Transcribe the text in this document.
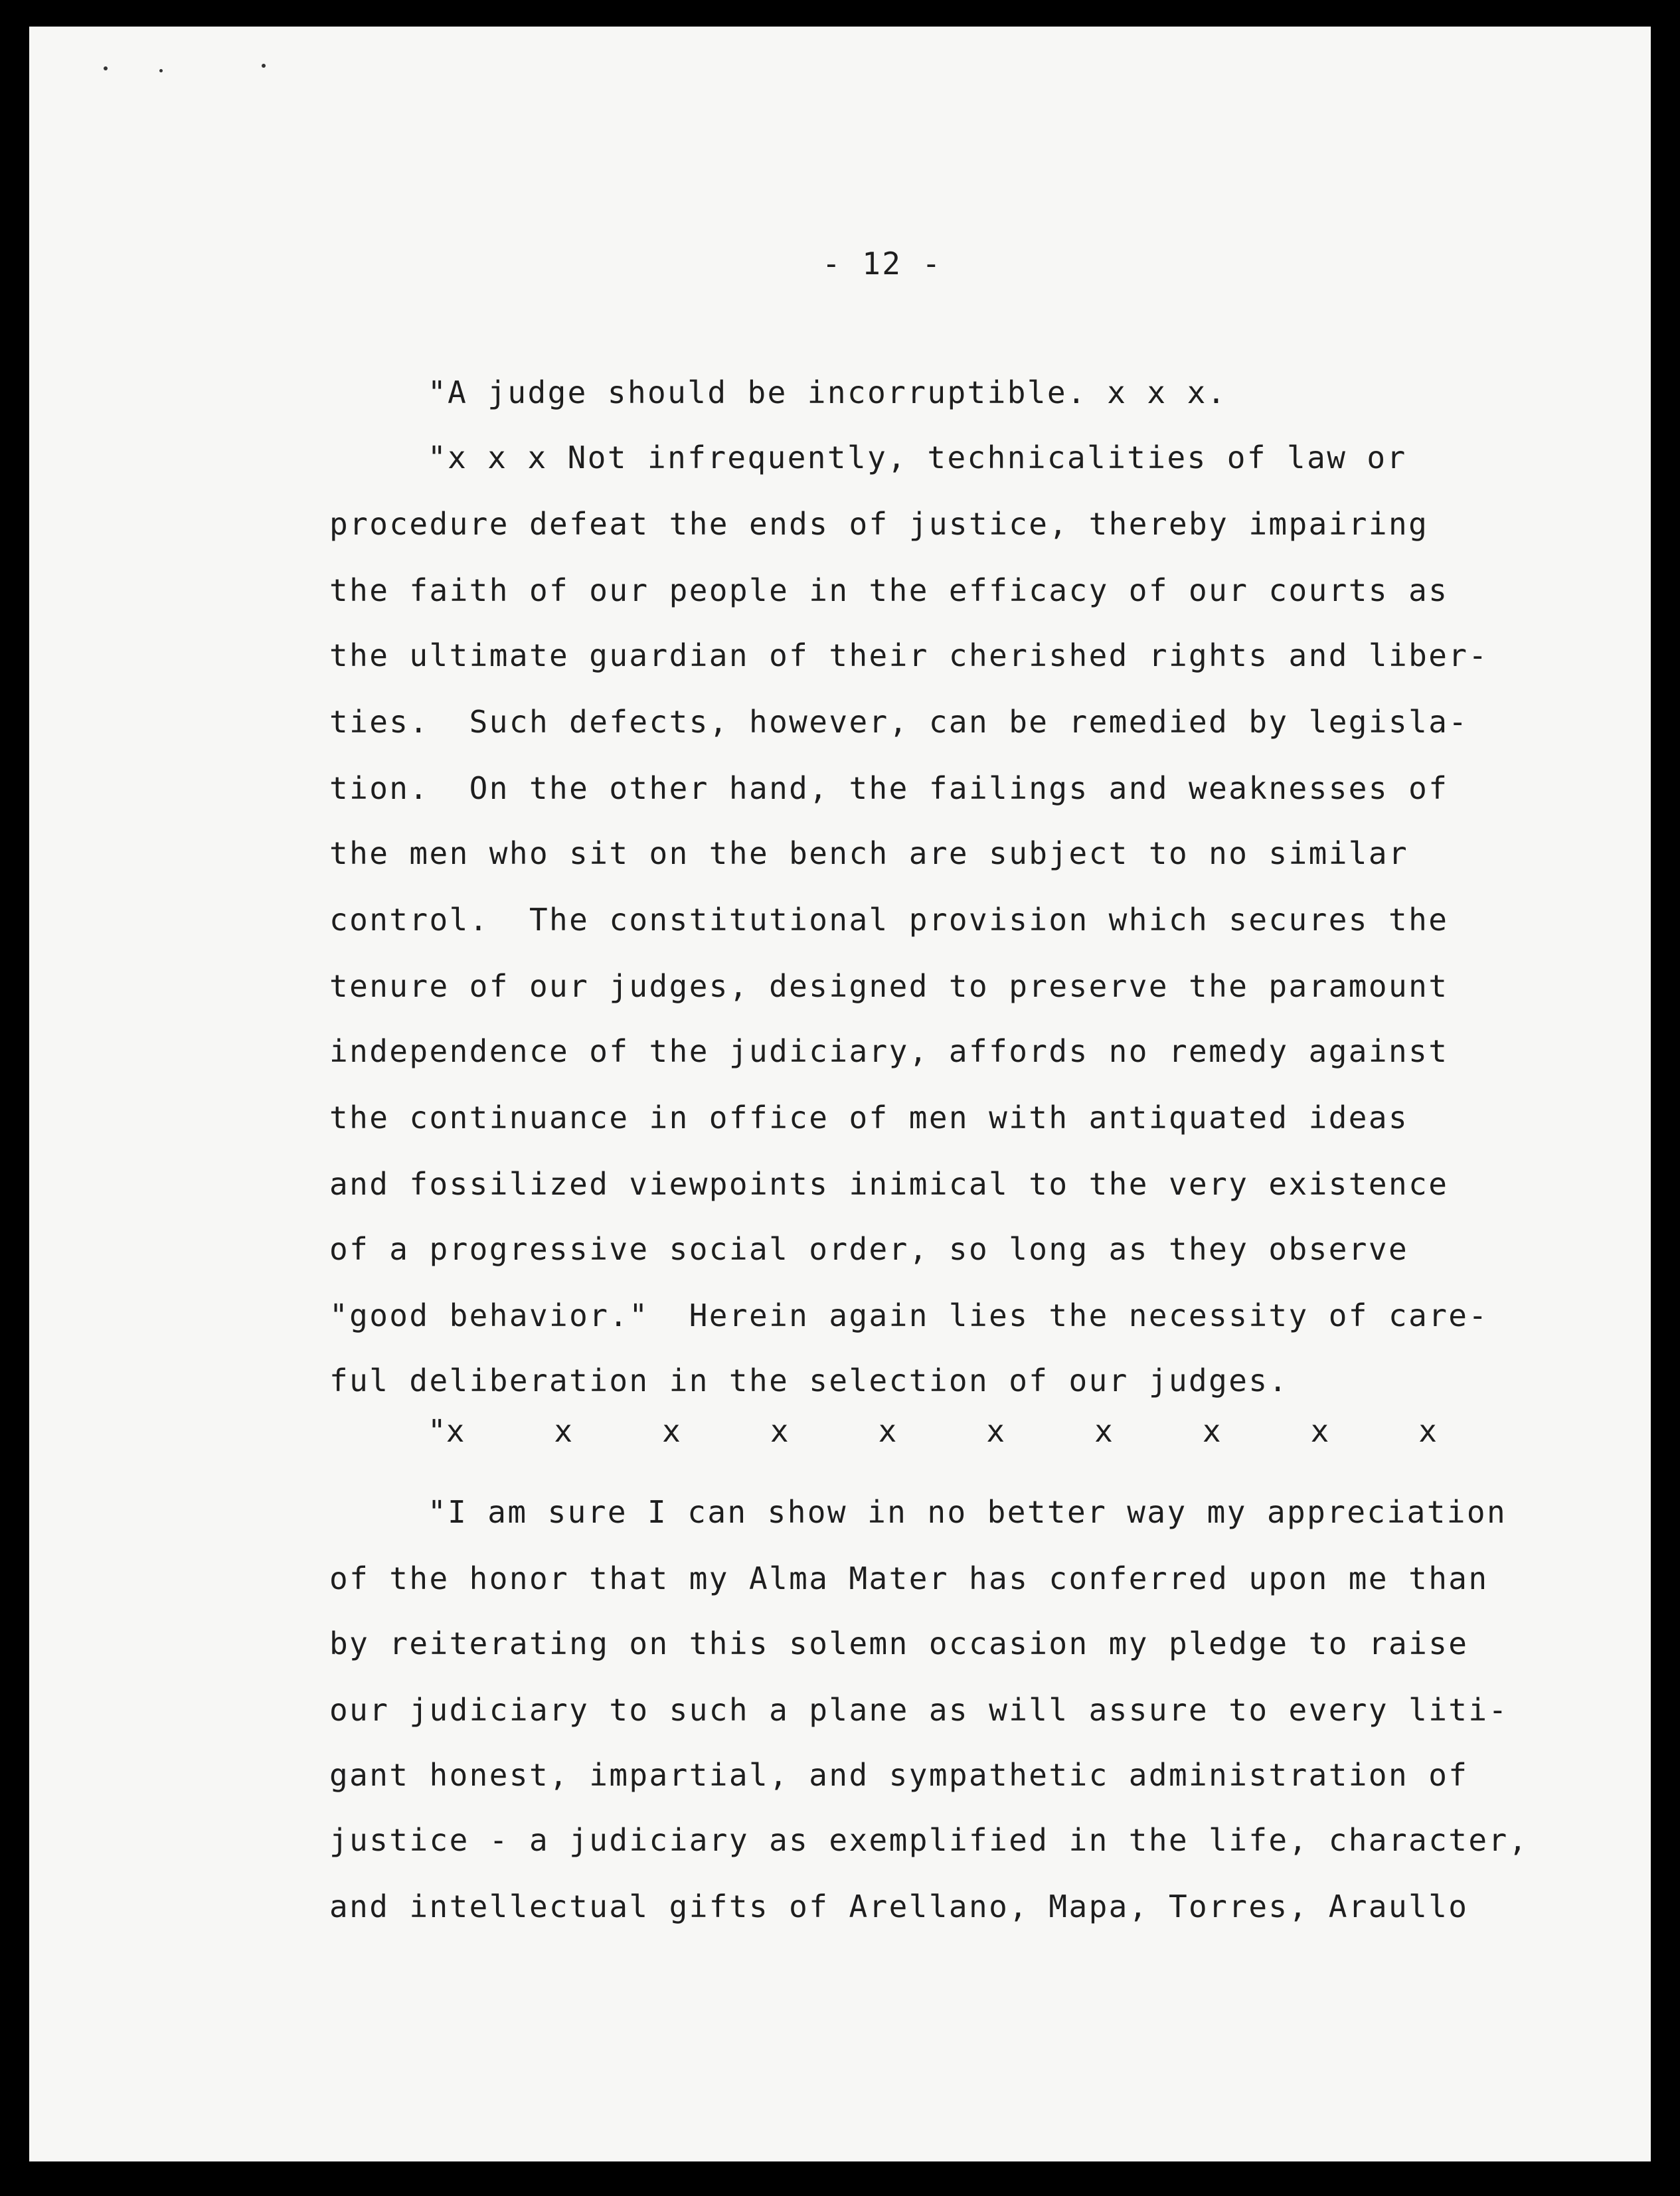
- 12 -
"A judge should be incorruptible. x x x.
"x x x Not infrequently, technicalities of law or
procedure defeat the ends of justice, thereby impairing
the faith of our people in the efficacy of our courts as
the ultimate guardian of their cherished rights and liber-
ties.  Such defects, however, can be remedied by legisla-
tion.  On the other hand, the failings and weaknesses of
the men who sit on the bench are subject to no similar
control.  The constitutional provision which secures the
tenure of our judges, designed to preserve the paramount
independence of the judiciary, affords no remedy against
the continuance in office of men with antiquated ideas
and fossilized viewpoints inimical to the very existence
of a progressive social order, so long as they observe
"good behavior."  Herein again lies the necessity of care-
ful deliberation in the selection of our judges.
"x	x	x	x	x	x	x	x	x	x
"I am sure I can show in no better way my appreciation
of the honor that my Alma Mater has conferred upon me than
by reiterating on this solemn occasion my pledge to raise
our judiciary to such a plane as will assure to every liti-
gant honest, impartial, and sympathetic administration of
justice - a judiciary as exemplified in the life, character,
and intellectual gifts of Arellano, Mapa, Torres, Araullo
